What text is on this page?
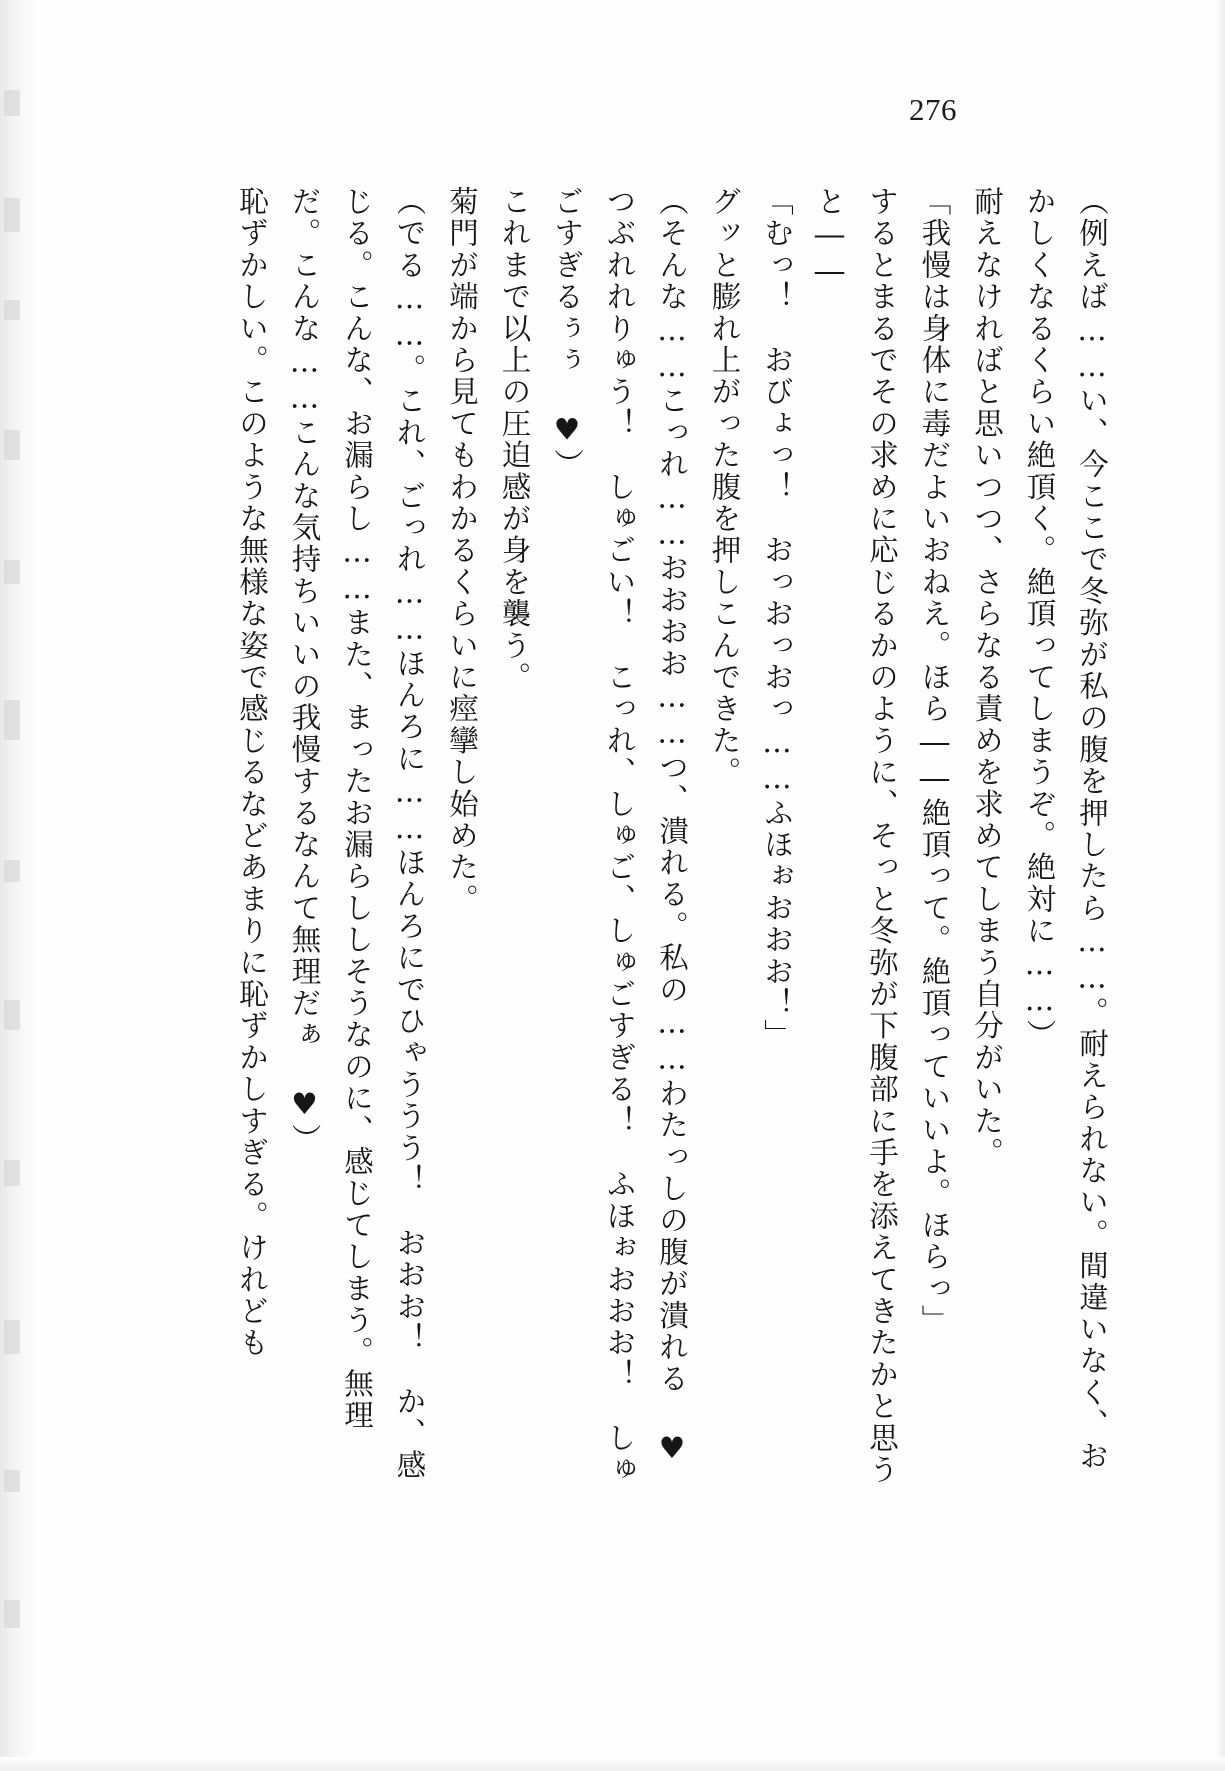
276

（例えば……い、今ここで冬弥が私の腹を押したら……。耐えられない。間違いなく、おかしくなるくらい絶頂く。絶頂ってしまうぞ。絶対に……）

耐えなければと思いつつ、さらなる責めを求めてしまう自分がいた。

「我慢は身体に毒だよいおねえ。ほら――絶頂って。絶頂っていいよ。ほらっ」

するとまるでその求めに応じるかのように、そっと冬弥が下腹部に手を添えてきたかと思うと――

「むっ！　おびょっ！　おっおっおっ……ふほぉおおお！」

グッと膨れ上がった腹を押しこんできた。

（そんな……こっれ……おおおお……つ、潰れる。私の……わたっしの腹が潰れる ♥　つぶれれりゅう！　しゅごい！　こっれ、しゅご、しゅごすぎる！　ふほぉおおお！　しゅごすぎるぅぅ ♥）

これまで以上の圧迫感が身を襲う。

菊門が端から見てもわかるくらいに痙攣し始めた。

（でる……。これ、ごっれ……ほんろに……ほんろにでひゃううう！　おおお！　か、感じる。こんな、お漏らし……また、まったお漏らししそうなのに、感じてしまう。無理だ。こんな……こんな気持ちいいの我慢するなんて無理だぁ ♥）

恥ずかしい。このような無様な姿で感じるなどあまりに恥ずかしすぎる。けれども
